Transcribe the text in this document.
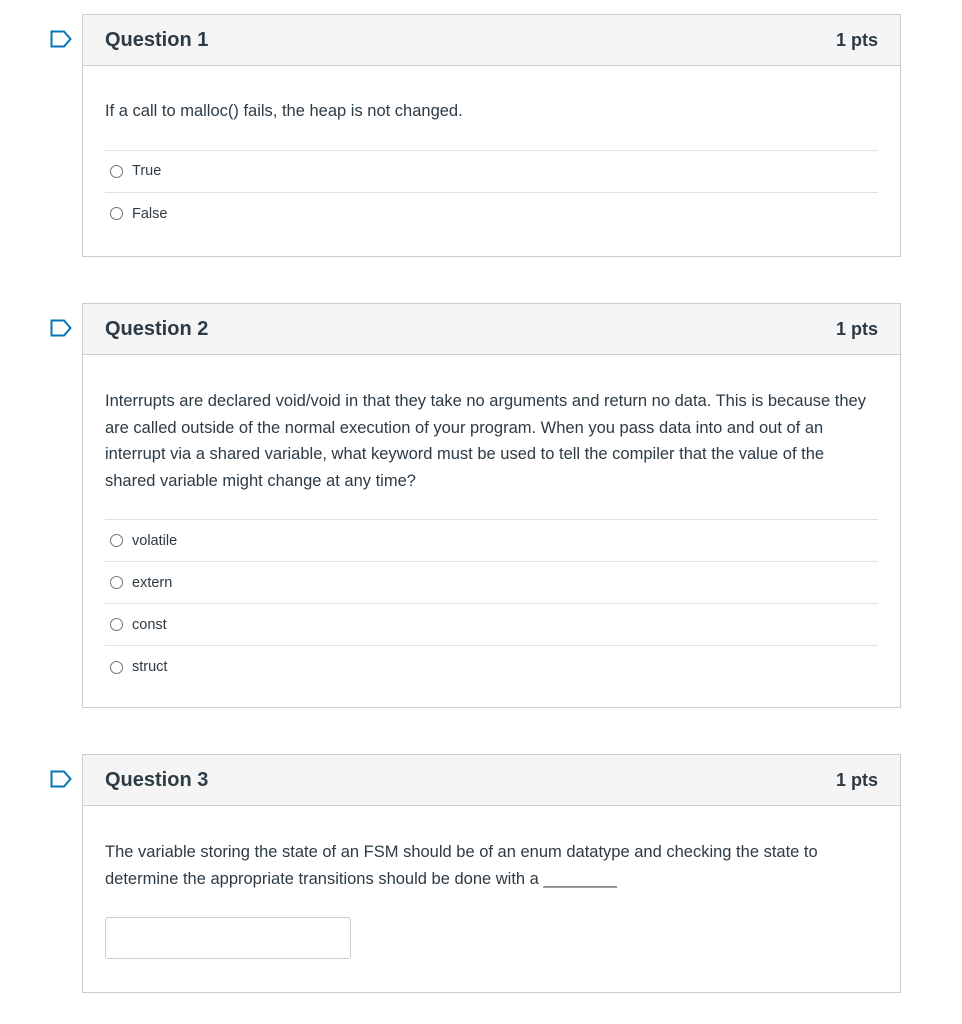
Question 1	1 pts
If a call to malloc() fails, the heap is not changed.
True
False
Question 2	1 pts
Interrupts are declared void/void in that they take no arguments and return no data. This is because they are called outside of the normal execution of your program. When you pass data into and out of an interrupt via a shared variable, what keyword must be used to tell the compiler that the value of the shared variable might change at any time?
volatile
extern
const
struct
Question 3	1 pts
The variable storing the state of an FSM should be of an enum datatype and checking the state to determine the appropriate transitions should be done with a ________
